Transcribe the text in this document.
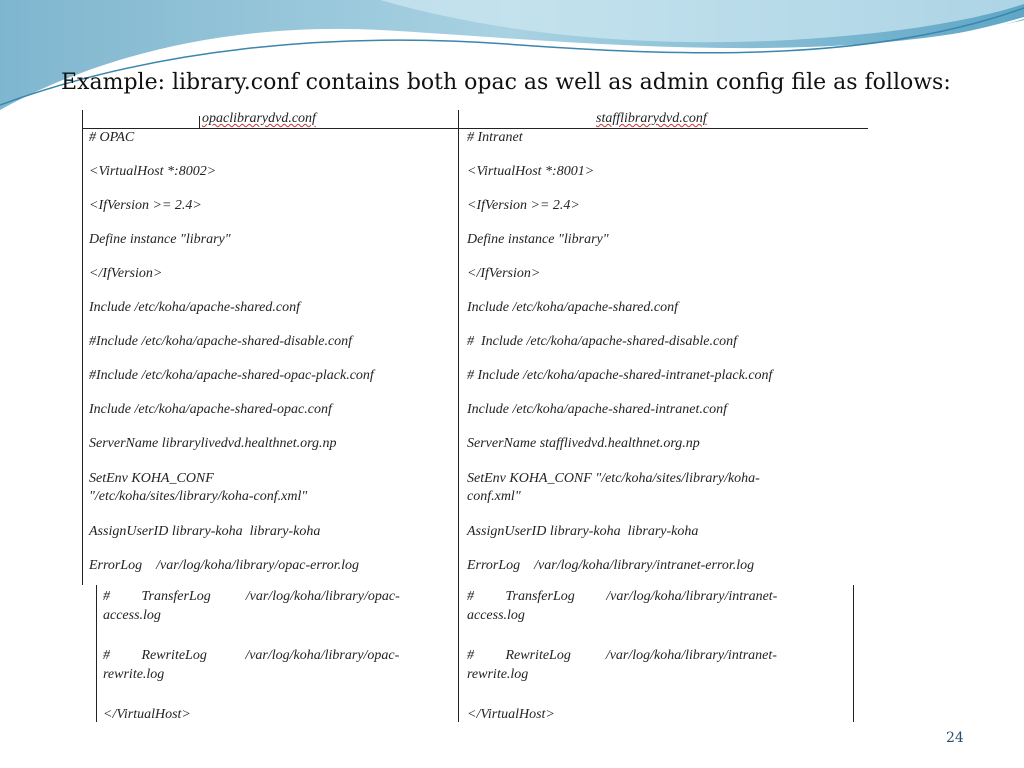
Example: library.conf contains both opac as well as admin config file as follows:
opaclibrarydvd.conf	stafflibrarydvd.conf
# OPAC
<VirtualHost *:8002>
<IfVersion >= 2.4>
Define instance "library"
</IfVersion>
Include /etc/koha/apache-shared.conf
#Include /etc/koha/apache-shared-disable.conf
#Include /etc/koha/apache-shared-opac-plack.conf
Include /etc/koha/apache-shared-opac.conf
ServerName librarylivedvd.healthnet.org.np
SetEnv KOHA_CONF
"/etc/koha/sites/library/koha-conf.xml"
AssignUserID library-koha  library-koha
ErrorLog    /var/log/koha/library/opac-error.log
# Intranet
<VirtualHost *:8001>
<IfVersion >= 2.4>
Define instance "library"
</IfVersion>
Include /etc/koha/apache-shared.conf
#  Include /etc/koha/apache-shared-disable.conf
# Include /etc/koha/apache-shared-intranet-plack.conf
Include /etc/koha/apache-shared-intranet.conf
ServerName stafflivedvd.healthnet.org.np
SetEnv KOHA_CONF "/etc/koha/sites/library/koha-
conf.xml"
AssignUserID library-koha  library-koha
ErrorLog    /var/log/koha/library/intranet-error.log
#         TransferLog          /var/log/koha/library/opac-
access.log
#         RewriteLog           /var/log/koha/library/opac-
rewrite.log
</VirtualHost>
#         TransferLog         /var/log/koha/library/intranet-
access.log
#         RewriteLog          /var/log/koha/library/intranet-
rewrite.log
</VirtualHost>
24
